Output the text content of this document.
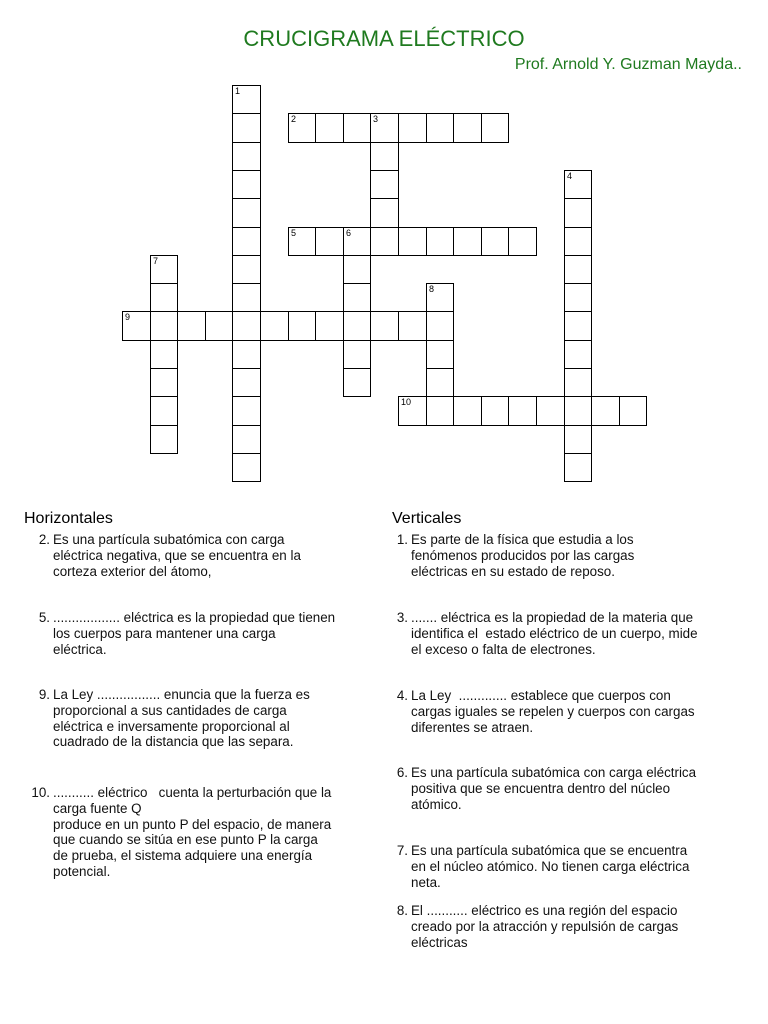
CRUCIGRAMA ELÉCTRICO
Prof. Arnold Y. Guzman Mayda..
1
2	3
4
5	6
7
8
9
10
Horizontales	Verticales
2. Es una partícula subatómica con carga
eléctrica negativa, que se encuentra en la
corteza exterior del átomo,
5. .................. eléctrica es la propiedad que tienen
los cuerpos para mantener una carga
eléctrica.
9. La Ley ................. enuncia que la fuerza es
proporcional a sus cantidades de carga
eléctrica e inversamente proporcional al
cuadrado de la distancia que las separa.
10. ........... eléctrico   cuenta la perturbación que la
carga fuente Q
produce en un punto P del espacio, de manera
que cuando se sitúa en ese punto P la carga
de prueba, el sistema adquiere una energía
potencial.
1. Es parte de la física que estudia a los
fenómenos producidos por las cargas
eléctricas en su estado de reposo.
3. ....... eléctrica es la propiedad de la materia que
identifica el  estado eléctrico de un cuerpo, mide
el exceso o falta de electrones.
4. La Ley  ............. establece que cuerpos con
cargas iguales se repelen y cuerpos con cargas
diferentes se atraen.
6. Es una partícula subatómica con carga eléctrica
positiva que se encuentra dentro del núcleo
atómico.
7. Es una partícula subatómica que se encuentra
en el núcleo atómico. No tienen carga eléctrica
neta.
8. El ........... eléctrico es una región del espacio
creado por la atracción y repulsión de cargas
eléctricas
